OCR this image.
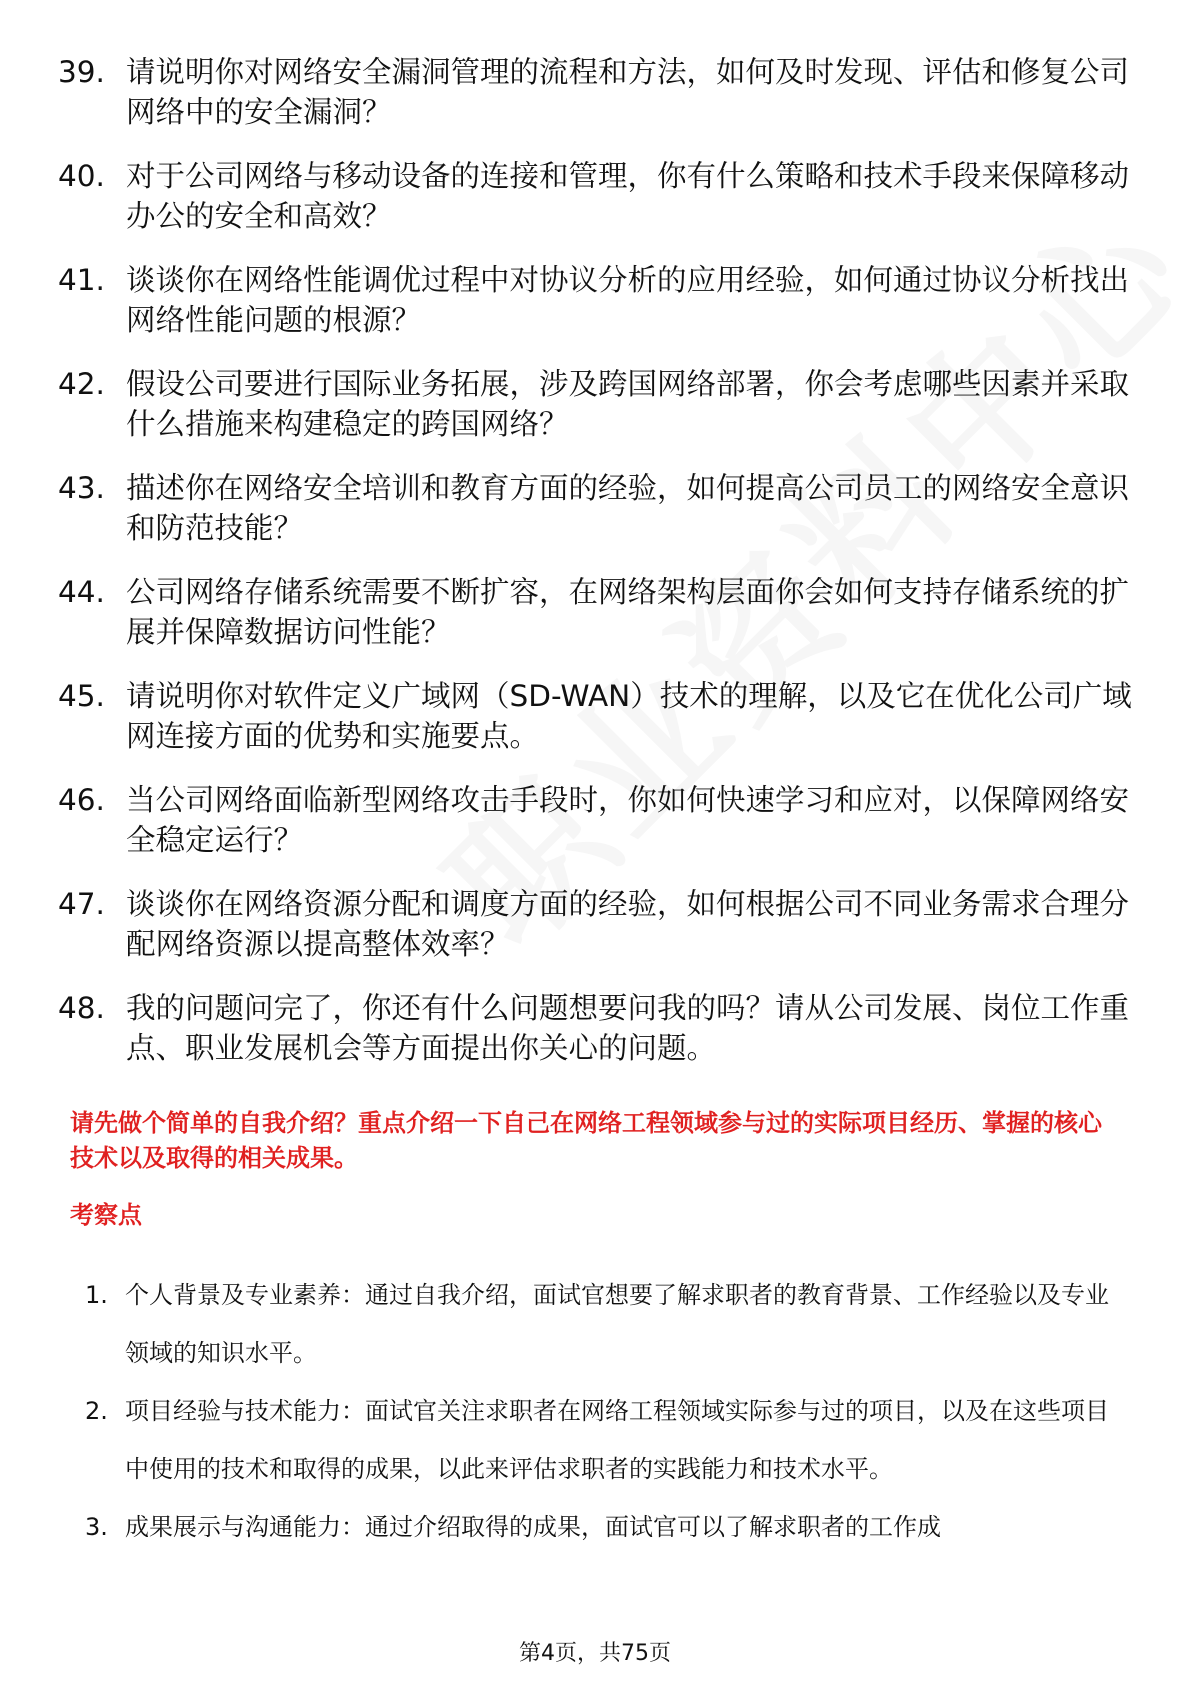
39. 请说明你对网络安全漏洞管理的流程和方法，如何及时发现、评估和修复公司网络中的安全漏洞？
40. 对于公司网络与移动设备的连接和管理，你有什么策略和技术手段来保障移动办公的安全和高效？
41. 谈谈你在网络性能调优过程中对协议分析的应用经验，如何通过协议分析找出网络性能问题的根源？
42. 假设公司要进行国际业务拓展，涉及跨国网络部署，你会考虑哪些因素并采取什么措施来构建稳定的跨国网络？
43. 描述你在网络安全培训和教育方面的经验，如何提高公司员工的网络安全意识和防范技能？
44. 公司网络存储系统需要不断扩容，在网络架构层面你会如何支持存储系统的扩展并保障数据访问性能？
45. 请说明你对软件定义广域网（SD-WAN）技术的理解，以及它在优化公司广域网连接方面的优势和实施要点。
46. 当公司网络面临新型网络攻击手段时，你如何快速学习和应对，以保障网络安全稳定运行？
47. 谈谈你在网络资源分配和调度方面的经验，如何根据公司不同业务需求合理分配网络资源以提高整体效率？
48. 我的问题问完了，你还有什么问题想要问我的吗？请从公司发展、岗位工作重点、职业发展机会等方面提出你关心的问题。
请先做个简单的自我介绍？重点介绍一下自己在网络工程领域参与过的实际项目经历、掌握的核心技术以及取得的相关成果。
考察点
1. 个人背景及专业素养：通过自我介绍，面试官想要了解求职者的教育背景、工作经验以及专业领域的知识水平。
2. 项目经验与技术能力：面试官关注求职者在网络工程领域实际参与过的项目，以及在这些项目中使用的技术和取得的成果，以此来评估求职者的实践能力和技术水平。
3. 成果展示与沟通能力：通过介绍取得的成果，面试官可以了解求职者的工作成
第4页，共75页
